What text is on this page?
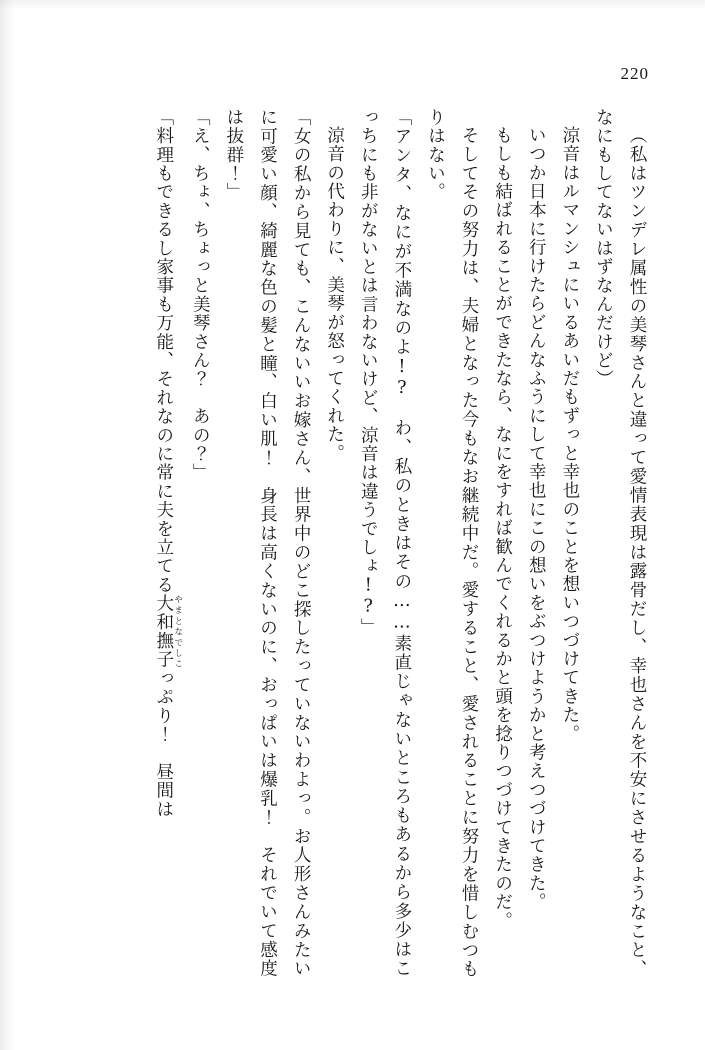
220

（私はツンデレ属性の美琴さんと違って愛情表現は露骨だし、幸也さんを不安にさせるようなこと、なにもしてないはずなんだけど）

涼音はルマンシュにいるあいだもずっと幸也のことを想いつづけてきた。

いつか日本に行けたらどんなふうにして幸也にこの想いをぶつけようかと考えつづけてきた。

もしも結ばれることができたなら、なにをすれば歓んでくれるかと頭を捻りつづけてきたのだ。

そしてその努力は、夫婦となった今もなお継続中だ。愛すること、愛されることに努力を惜しむつもりはない。

「アンタ、なにが不満なのよ!?　わ、私のときはその……素直じゃないところもあるから多少はこっちにも非がないとは言わないけど、涼音は違うでしょ!?」

涼音の代わりに、美琴が怒ってくれた。

「女の私から見ても、こんないいお嫁さん、世界中のどこ探したっていないわよっ。お人形さんみたいに可愛い顔、綺麗な色の髪と瞳、白い肌！　身長は高くないのに、おっぱいは爆乳！　それでいて感度は抜群！」

「え、ちょ、ちょっと美琴さん？　あの？」

「料理もできるし家事も万能、それなのに常に夫を立てる大和撫子 やまとなでしこっぷり！　昼間は
